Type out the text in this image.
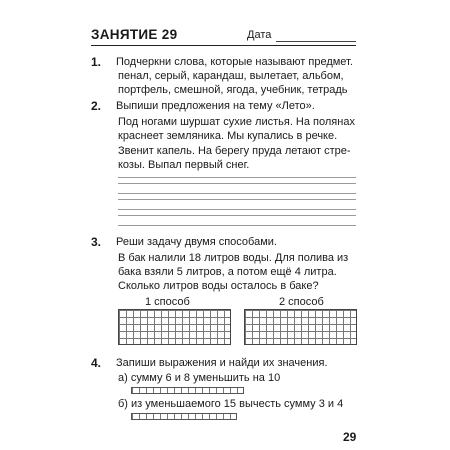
ЗАНЯТИЕ 29	Дата
1. Подчеркни слова, которые называют предмет.
пенал, серый, карандаш, вылетает, альбом,
портфель, смешной, ягода, учебник, тетрадь
2. Выпиши предложения на тему «Лето».
Под ногами шуршат сухие листья. На полянах
краснеет земляника. Мы купались в речке.
Звенит капель. На берегу пруда летают стре-
козы. Выпал первый снег.
3. Реши задачу двумя способами.
В бак налили 18 литров воды. Для полива из
бака взяли 5 литров, а потом ещё 4 литра.
Сколько литров воды осталось в баке?
1 способ	2 способ
4. Запиши выражения и найди их значения.
а) сумму 6 и 8 уменьшить на 10
б) из уменьшаемого 15 вычесть сумму 3 и 4
29
